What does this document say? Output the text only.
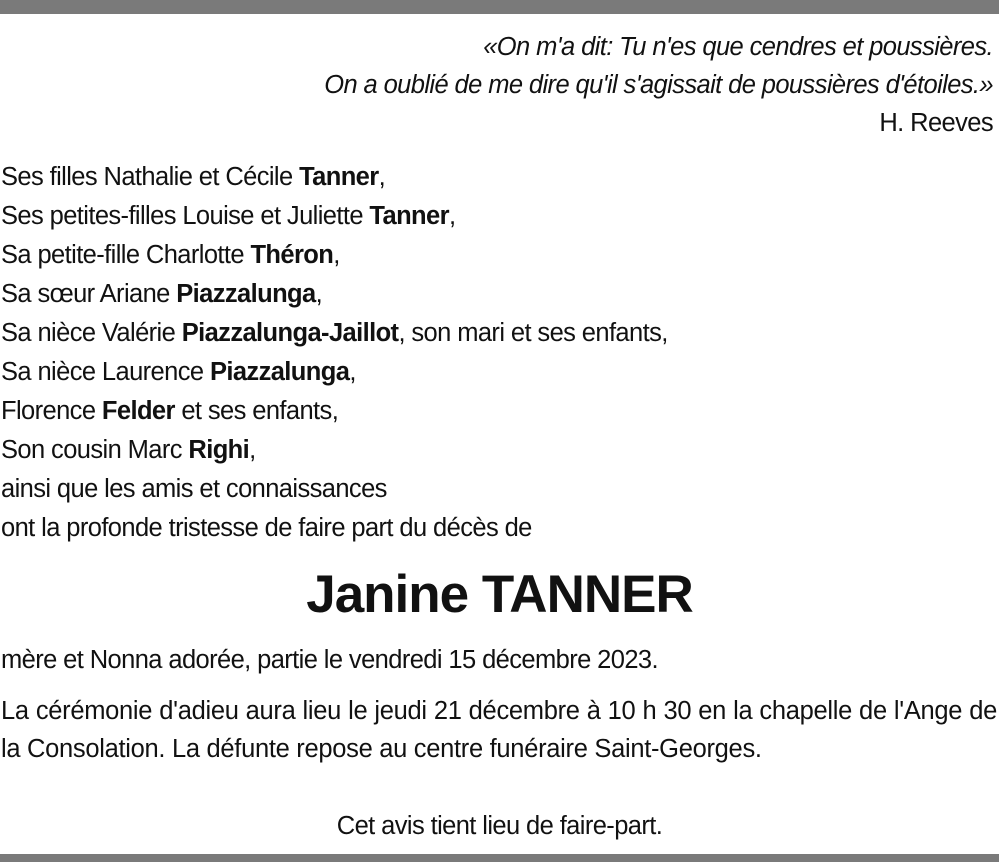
«On m'a dit: Tu n'es que cendres et poussières.
On a oublié de me dire qu'il s'agissait de poussières d'étoiles.»
H. Reeves
Ses filles Nathalie et Cécile Tanner,
Ses petites-filles Louise et Juliette Tanner,
Sa petite-fille Charlotte Théron,
Sa sœur Ariane Piazzalunga,
Sa nièce Valérie Piazzalunga-Jaillot, son mari et ses enfants,
Sa nièce Laurence Piazzalunga,
Florence Felder et ses enfants,
Son cousin Marc Righi,
ainsi que les amis et connaissances
ont la profonde tristesse de faire part du décès de
Janine TANNER
mère et Nonna adorée, partie le vendredi 15 décembre 2023.
La cérémonie d'adieu aura lieu le jeudi 21 décembre à 10 h 30 en la chapelle de l'Ange de la Consolation. La défunte repose au centre funéraire Saint-Georges.
Cet avis tient lieu de faire-part.
